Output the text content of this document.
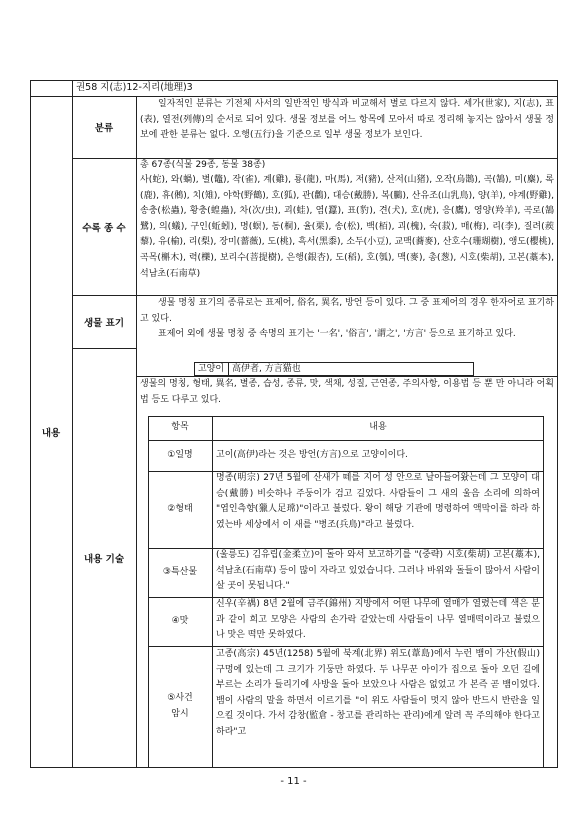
권58 지(志)12-지리(地理)3
내용
분류
일자적인 분류는 기전체 사서의 일반적인 방식과 비교해서 별로 다르지 않다. 세가(世家), 지(志), 표(表), 열전(列傳)의 순서로 되어 있다. 생물 정보를 어느 항목에 모아서 따로 정리해 놓지는 않아서 생물 정보에 관한 분류는 없다. 오행(五行)을 기준으로 일부 생물 정보가 보인다.
수록 종 수
총 67종(식물 29종, 동물 38종)
사(蛇), 와(蝸), 별(鼈), 작(雀), 계(雞), 룡(龍), 마(馬), 저(豬), 산저(山猪), 오작(烏鵲), 곡(鵠), 미(麋), 록(鹿), 휴(鵂), 치(雉), 야학(野鶴), 호(狐), 관(鸛), 대승(戴勝), 복(鵩), 산유조(山乳鳥), 양(羊), 야계(野雞), 송충(松蟲), 황충(蝗蟲), 차(次/虫), 괴(蛙), 염(蠶), 표(豹), 견(犬), 호(虎), 응(鷹), 영양(羚羊), 곡로(鵠鷺), 의(蟻), 구인(蚯蚓), 명(螟), 동(桐), 율(栗), 송(松), 백(栢), 괴(槐), 숙(菽), 매(梅), 리(李), 질려(蒺藜), 유(榆), 리(梨), 장미(薔薇), 도(桃), 흑서(黑黍), 소두(小豆), 교맥(蕎麥), 산호수(珊瑚樹), 앵도(櫻桃), 곡목(槲木), 력(櫟), 보리수(菩提樹), 은행(銀杏), 도(稻), 호(瓠), 맥(麥), 총(葱), 시호(柴胡), 고본(藁本), 석남초(石南草)
생물 표기
생물 명칭 표기의 종류로는 표제어, 俗名, 異名, 방언 등이 있다. 그 중 표제어의 경우 한자어로 표기하고 있다.
표제어 외에 생물 명칭 중 속명의 표기는 '一名', '俗言', '謂之', '方言' 등으로 표기하고 있다.
고양이 高伊者, 方言猫也
내용 기술
생물의 명칭, 형태, 異名, 별종, 습성, 종류, 맛, 색채, 성질, 근연종, 주의사항, 이용법 등 뿐 만 아니라 어획법 등도 다루고 있다.
항목	내용
①일명	고이(高伊)라는 것은 방언(方言)으로 고양이이다.
②형태
명종(明宗) 27년 5월에 산새가 떼를 지어 성 안으로 날아들어왔는데 그 모양이 대승(戴勝) 비슷하나 주둥이가 검고 길었다. 사람들이 그 새의 울음 소리에 의하여 "엽인측향(獵人足瑺)"이라고 불렀다. 왕이 해당 기관에 명령하여 액막이를 하라 하였는바 세상에서 이 새를 "병조(兵鳥)"라고 불렀다.
③특산물
(울릉도) 김유립(金柔立)이 돌아 와서 보고하기를 "(중략) 시호(柴胡) 고본(藁本), 석남초(石南草) 등이 많이 자라고 있었습니다. 그러나 바위와 돌들이 많아서 사람이 살 곳이 못됩니다."
④맛
신우(辛禑) 8년 2월에 금주(錦州) 지방에서 어떤 나무에 열매가 열렸는데 색은 분과 같이 희고 모양은 사람의 손가락 같았는데 사람들이 나무 열매떡이라고 불렀으나 맛은 떡만 못하였다.
⑤사건
암시
고종(高宗) 45년(1258) 5월에 북계(北界) 위도(葦島)에서 누런 뱀이 가산(假山) 구멍에 있는데 그 크기가 기둥만 하였다. 두 나무꾼 아이가 집으로 돌아 오던 길에 부르는 소리가 들리기에 사방을 돌아 보았으나 사람은 없었고 가 본즉 곧 뱀이었다. 뱀이 사람의 말을 하면서 이르기를 "이 위도 사람들이 멋지 않아 반드시 반란을 일으킬 것이다. 가서 감창(監倉 - 창고를 관리하는 관리)에게 알려 꼭 주의해야 한다고 하라"고
- 11 -
